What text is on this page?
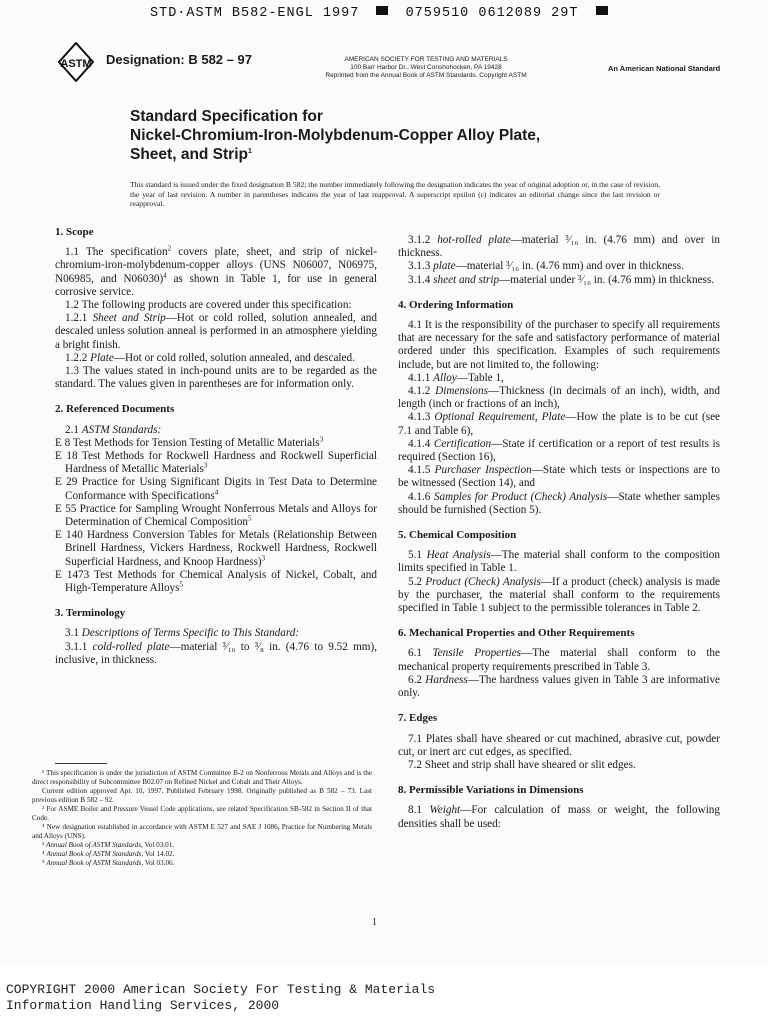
STD·ASTM B582-ENGL 1997	0759510 0612089 29T
ASTM Designation: B 582 – 97	AMERICAN SOCIETY FOR TESTING AND MATERIALS
100 Barr Harbor Dr., West Conshohocken, PA 19428
Reprinted from the Annual Book of ASTM Standards. Copyright ASTM
An American National Standard
Standard Specification for
Nickel-Chromium-Iron-Molybdenum-Copper Alloy Plate,
Sheet, and Strip$^1$
This standard is issued under the fixed designation B 582; the number immediately following the designation indicates the year of original adoption or, in the case of revision, the year of last revision. A number in parentheses indicates the year of last reapproval. A superscript epsilon (ε) indicates an editorial change since the last revision or reapproval.
1. Scope

1.1 The specification$^2$ covers plate, sheet, and strip of nickel-chromium-iron-molybdenum-copper alloys (UNS N06007, N06975, N06985, and N06030)$^4$ as shown in Table 1, for use in general corrosive service.

1.2 The following products are covered under this specification:

1.2.1 Sheet and Strip—Hot or cold rolled, solution annealed, and descaled unless solution anneal is performed in an atmosphere yielding a bright finish.

1.2.2 Plate—Hot or cold rolled, solution annealed, and descaled.

1.3 The values stated in inch-pound units are to be regarded as the standard. The values given in parentheses are for information only.

2. Referenced Documents

2.1 ASTM Standards:

E 8 Test Methods for Tension Testing of Metallic Materials$^3$

E 18 Test Methods for Rockwell Hardness and Rockwell Superficial Hardness of Metallic Materials$^3$

E 29 Practice for Using Significant Digits in Test Data to Determine Conformance with Specifications$^4$

E 55 Practice for Sampling Wrought Nonferrous Metals and Alloys for Determination of Chemical Composition$^5$

E 140 Hardness Conversion Tables for Metals (Relationship Between Brinell Hardness, Vickers Hardness, Rockwell Hardness, Rockwell Superficial Hardness, and Knoop Hardness)$^3$

E 1473 Test Methods for Chemical Analysis of Nickel, Cobalt, and High-Temperature Alloys$^5$

3. Terminology

3.1 Descriptions of Terms Specific to This Standard:

3.1.1 cold-rolled plate—material ³⁄₁₆ to ³⁄₈ in. (4.76 to 9.52 mm), inclusive, in thickness.

¹ This specification is under the jurisdiction of ASTM Committee B-2 on Nonferrous Metals and Alloys and is the direct responsibility of Subcommittee B02.07 on Refined Nickel and Cobalt and Their Alloys.

Current edition approved Apr. 10, 1997. Published February 1998. Originally published as B 582 – 73. Last previous edition B 582 – 92.

² For ASME Boiler and Pressure Vessel Code applications, see related Specification SB-582 in Section II of that Code.

⁴ New designation established in accordance with ASTM E 527 and SAE J 1086, Practice for Numbering Metals and Alloys (UNS).

³ Annual Book of ASTM Standards, Vol 03.01.

⁴ Annual Book of ASTM Standards, Vol 14.02.

⁵ Annual Book of ASTM Standards, Vol 03.06.

3.1.2 hot-rolled plate—material ³⁄₁₆ in. (4.76 mm) and over in thickness.

3.1.3 plate—material ³⁄₁₆ in. (4.76 mm) and over in thickness.

3.1.4 sheet and strip—material under ³⁄₁₆ in. (4.76 mm) in thickness.

4. Ordering Information

4.1 It is the responsibility of the purchaser to specify all requirements that are necessary for the safe and satisfactory performance of material ordered under this specification. Examples of such requirements include, but are not limited to, the following:

4.1.1 Alloy—Table 1,

4.1.2 Dimensions—Thickness (in decimals of an inch), width, and length (inch or fractions of an inch),

4.1.3 Optional Requirement, Plate—How the plate is to be cut (see 7.1 and Table 6),

4.1.4 Certification—State if certification or a report of test results is required (Section 16),

4.1.5 Purchaser Inspection—State which tests or inspections are to be witnessed (Section 14), and

4.1.6 Samples for Product (Check) Analysis—State whether samples should be furnished (Section 5).

5. Chemical Composition

5.1 Heat Analysis—The material shall conform to the composition limits specified in Table 1.

5.2 Product (Check) Analysis—If a product (check) analysis is made by the purchaser, the material shall conform to the requirements specified in Table 1 subject to the permissible tolerances in Table 2.

6. Mechanical Properties and Other Requirements

6.1 Tensile Properties—The material shall conform to the mechanical property requirements prescribed in Table 3.

6.2 Hardness—The hardness values given in Table 3 are informative only.

7. Edges

7.1 Plates shall have sheared or cut machined, abrasive cut, powder cut, or inert arc cut edges, as specified.

7.2 Sheet and strip shall have sheared or slit edges.

8. Permissible Variations in Dimensions

8.1 Weight—For calculation of mass or weight, the following densities shall be used:

1
COPYRIGHT 2000 American Society For Testing & Materials
Information Handling Services, 2000
